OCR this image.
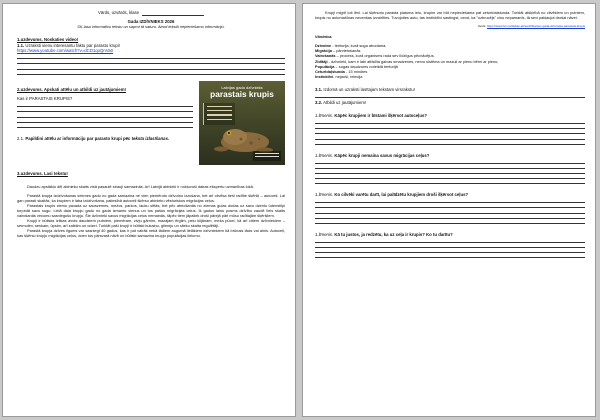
Vārds, uzvārds, klase
Gada IZDĪVNIEKS 2026
SK-lasa informatīvu tekstu un saprot tā saturu. Atrod tekstā nepieciešamo informāciju.
1.uzdevums. Noskaties video!
1.1. Uzraksti vienu interesantu faktu par parasto krupi!
https://www.youtube.com/watch?v=dCD1qoQnVa0
2.uzdevums. Apskati attēlu un atbildi uz jautājumiem!
Kas ir PARASTAIS KRUPIS?
2.1. Papildini attēlu ar informāciju par parasto krupi pēc teksta izlasīšanas.
Latvijas gada dzīvnieks
parastais krupis
3.uzdevums. Lasi tekstu!
Daudzu apstākļu dēļ abinieku skaits visā pasaulē strauji samazinās. Arī Latvijā abinieki ir nokļuvuši dabas ekspertu uzmanības lokā.
Parastā krupja izdzīvošanas sekmes gadu no gada samazina ne vien piemērotu dzīvotņu izzušana, bet arī cilvēka tieši radītie šķēršļi – autoceļi. Lai gan parasti skaitās, ka krupiem ir laba izdzīvošana, patiesībā autoceļi šķērso abinieku vēsturiskos migrācijas ceļus.
Parastais krupis ziemu pavada uz sauszemes, mežos, parkos, lauku sētās, bet pēc atmošanās no ziemas guļas dodas uz savu dzimto ūdenstilpi turpināt savu sugu. Lielā daļa krupju gadu no gada izmanto vienus un tos pašus migrācijas ceļus. Ik gadus laiņu posms dzīvību zaudē liels skaits vairošanās vecumu sasniegušu krupju. Šie dzīvnieki savus migrācijas ceļus nemainās, tāpēc tiem jāpaliek droši pārejā pāri mūsu radītajām šķēršļiem.
Krupji ir būtisks izlikas avots daudziem putniem, piemēram, zivju gārnim, mazajam ērglim, peļu klijānam, meža pūcei, kā arī citiem dzīvniekiem – sermulim, seskam, ūpsim, arī zalktim un odzei. Turklāt paši krupji ir būtiski kukaiņu, gliemju un slieku skaita regulētāji.
Parastā krupja dzīves ilgums var sasniegt 40 gadus, kas ir pat vairāk nekā tādiem augumā lielākiem dzīvniekiem kā brūnais lācis vai alnis. Autoceļi, kas šķērso krupju migrācijas ceļus, doen tos pārsvarā nāvē un būtiski samazina krupju populācijas lielumu.
Krupji migrē ļoti lēni. Lai šķērsotu parasta platuma ielu, krupim var būt nepieciešama pat ceturtdaļstunda. Turklāt atšķirībā no cilvēkiem un putniem, krupis no automašīnas necenšas izvairīties. Tuvojoties auto, tas instinktīvi sastingst, cerot, ka "uzbrucējs" viņu nepamanīs, tā sevi pakļaujot drošai nāvei.
Avots: https://www.lvm.lv/dabas-aizsardziba/pec-gada-dzivnieka-parastais-krupis
Vārdnīca.
Dzīvotne - teritorija, kurā suga atrodama.
Migrācija – pārvietošanās
Vairošanās – process, kurā organisms rada sev līdzīgus pēcnācējus.
Zīdītāji - dzīvnieki, kam ir labi attīstīta galvas smadzenes, nervu sistēma un mazuļi ar pienu bērni ar pienu;
Populācija – sugas daudzums noteiktā teritorijā
Ceturtdaļstunda - 15 minūtes
Instinktīvi- nejauši, reiecija
3.1. Izdomā un uzraksti lasītajam tekstam virsrakstu!
3.2. Atbildi uz jautājumiem!
1.līmenis. Kāpēc krupjiem ir bīstami šķērsot autoceļus?
1.līmenis. Kāpēc krupji nemaina savus migrācijas ceļus?
1.līmenis. Ko cilvēki varētu darīt, lai palīdzētu krupjiem droši šķērsot ceļus?
1.līmenis. Kā tu justos, ja redzētu, ka uz ceļa ir krupis? Ko tu darītu?
